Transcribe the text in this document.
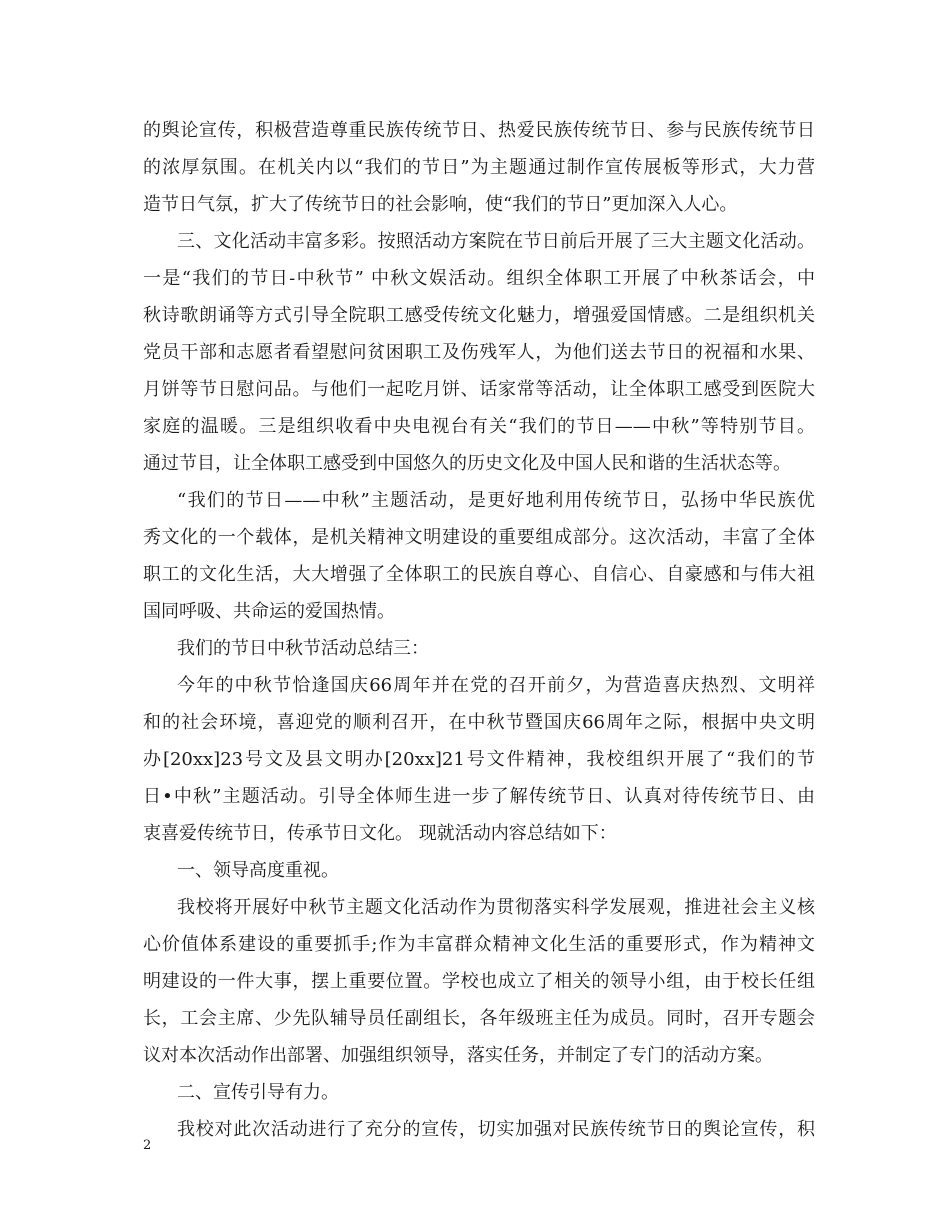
的舆论宣传，积极营造尊重民族传统节日、热爱民族传统节日、参与民族传统节日
的浓厚氛围。在机关内以“我们的节日”为主题通过制作宣传展板等形式，大力营
造节日气氛，扩大了传统节日的社会影响，使“我们的节日”更加深入人心。
三、文化活动丰富多彩。按照活动方案院在节日前后开展了三大主题文化活动。
一是“我们的节日-中秋节” 中秋文娱活动。组织全体职工开展了中秋茶话会，中
秋诗歌朗诵等方式引导全院职工感受传统文化魅力，增强爱国情感。二是组织机关
党员干部和志愿者看望慰问贫困职工及伤残军人，为他们送去节日的祝福和水果、
月饼等节日慰问品。与他们一起吃月饼、话家常等活动，让全体职工感受到医院大
家庭的温暖。三是组织收看中央电视台有关“我们的节日——中秋”等特别节目。
通过节目，让全体职工感受到中国悠久的历史文化及中国人民和谐的生活状态等。
“我们的节日——中秋”主题活动，是更好地利用传统节日，弘扬中华民族优
秀文化的一个载体，是机关精神文明建设的重要组成部分。这次活动，丰富了全体
职工的文化生活，大大增强了全体职工的民族自尊心、自信心、自豪感和与伟大祖
国同呼吸、共命运的爱国热情。
我们的节日中秋节活动总结三：
今年的中秋节恰逢国庆66周年并在党的召开前夕，为营造喜庆热烈、文明祥
和的社会环境，喜迎党的顺利召开，在中秋节暨国庆66周年之际，根据中央文明
办[20xx]23号文及县文明办[20xx]21号文件精神，我校组织开展了“我们的节
日•中秋”主题活动。引导全体师生进一步了解传统节日、认真对待传统节日、由
衷喜爱传统节日，传承节日文化。 现就活动内容总结如下：
一、领导高度重视。
我校将开展好中秋节主题文化活动作为贯彻落实科学发展观，推进社会主义核
心价值体系建设的重要抓手;作为丰富群众精神文化生活的重要形式，作为精神文
明建设的一件大事，摆上重要位置。学校也成立了相关的领导小组，由于校长任组
长，工会主席、少先队辅导员任副组长，各年级班主任为成员。同时，召开专题会
议对本次活动作出部署、加强组织领导，落实任务，并制定了专门的活动方案。
二、宣传引导有力。
我校对此次活动进行了充分的宣传，切实加强对民族传统节日的舆论宣传，积
2
